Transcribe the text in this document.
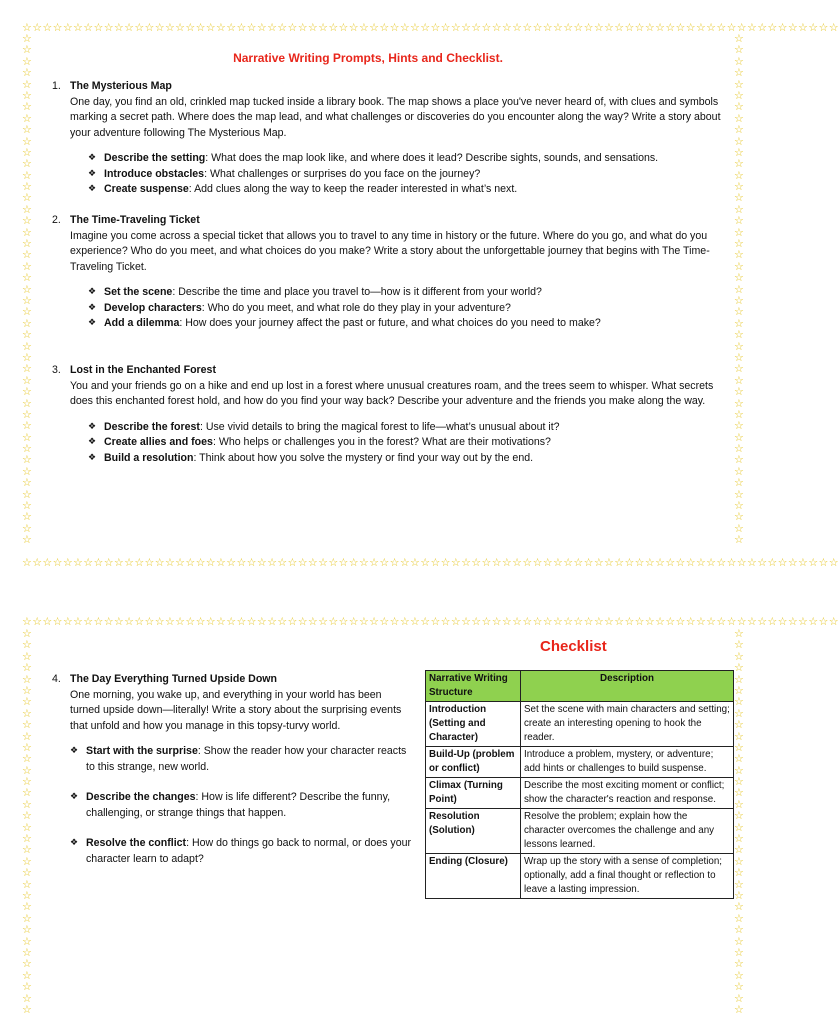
☆☆☆☆☆☆☆☆☆☆☆☆☆☆☆☆☆☆☆☆☆☆☆☆☆☆☆☆☆☆☆☆☆☆☆☆☆☆☆☆☆☆☆☆☆☆☆☆☆☆☆☆☆☆☆☆☆☆☆☆☆☆☆☆☆☆☆☆☆☆☆☆☆☆☆☆☆☆☆☆
☆☆☆☆☆☆☆☆☆☆☆☆☆☆☆☆☆☆☆☆☆☆☆☆☆☆☆☆☆☆☆☆☆☆☆☆☆☆☆☆☆☆☆☆☆☆☆☆☆☆☆☆☆☆☆☆☆☆☆☆☆☆☆☆☆☆☆☆☆☆☆☆☆☆☆☆☆☆☆☆
☆
☆
☆
☆
☆
☆
☆
☆
☆
☆
☆
☆
☆
☆
☆
☆
☆
☆
☆
☆
☆
☆
☆
☆
☆
☆
☆
☆
☆
☆
☆
☆
☆
☆
☆
☆
☆
☆
☆
☆
☆
☆
☆
☆
☆
☆
☆
☆
☆
☆
☆
☆
☆
☆
☆
☆
☆
☆
☆
☆
☆
☆
☆
☆
☆
☆
☆
☆
☆
☆
☆
☆
☆
☆
☆
☆
☆
☆
☆
☆
☆
☆
☆
☆
☆
☆
☆
☆
☆
☆
Narrative Writing Prompts, Hints and Checklist.
1. The Mysterious Map
One day, you find an old, crinkled map tucked inside a library book. The map shows a place you've never heard of, with clues and symbols marking a secret path. Where does the map lead, and what challenges or discoveries do you encounter along the way? Write a story about your adventure following The Mysterious Map.
❖ Describe the setting: What does the map look like, and where does it lead? Describe sights, sounds, and sensations.
❖ Introduce obstacles: What challenges or surprises do you face on the journey?
❖ Create suspense: Add clues along the way to keep the reader interested in what’s next.
2. The Time-Traveling Ticket
Imagine you come across a special ticket that allows you to travel to any time in history or the future. Where do you go, and what do you experience? Who do you meet, and what choices do you make? Write a story about the unforgettable journey that begins with The Time-Traveling Ticket.
❖ Set the scene: Describe the time and place you travel to—how is it different from your world?
❖ Develop characters: Who do you meet, and what role do they play in your adventure?
❖ Add a dilemma: How does your journey affect the past or future, and what choices do you need to make?
3. Lost in the Enchanted Forest
You and your friends go on a hike and end up lost in a forest where unusual creatures roam, and the trees seem to whisper. What secrets does this enchanted forest hold, and how do you find your way back? Describe your adventure and the friends you make along the way.
❖ Describe the forest: Use vivid details to bring the magical forest to life—what’s unusual about it?
❖ Create allies and foes: Who helps or challenges you in the forest? What are their motivations?
❖ Build a resolution: Think about how you solve the mystery or find your way out by the end.
☆☆☆☆☆☆☆☆☆☆☆☆☆☆☆☆☆☆☆☆☆☆☆☆☆☆☆☆☆☆☆☆☆☆☆☆☆☆☆☆☆☆☆☆☆☆☆☆☆☆☆☆☆☆☆☆☆☆☆☆☆☆☆☆☆☆☆☆☆☆☆☆☆☆☆☆☆☆☆☆
☆
☆
☆
☆
☆
☆
☆
☆
☆
☆
☆
☆
☆
☆
☆
☆
☆
☆
☆
☆
☆
☆
☆
☆
☆
☆
☆
☆
☆
☆
☆
☆
☆
☆
☆
☆
☆
☆
☆
☆
☆
☆
☆
☆
☆
☆
☆
☆
☆
☆
☆
☆
☆
☆
☆
☆
☆
☆
☆
☆
☆
☆
☆
☆
☆
☆
☆
☆
Checklist
4. The Day Everything Turned Upside Down
One morning, you wake up, and everything in your world has been turned upside down—literally! Write a story about the surprising events that unfold and how you manage in this topsy-turvy world.
❖ Start with the surprise: Show the reader how your character reacts to this strange, new world.
❖ Describe the changes: How is life different? Describe the funny, challenging, or strange things that happen.
❖ Resolve the conflict: How do things go back to normal, or does your character learn to adapt?
Narrative Writing Structure	Description
Introduction (Setting and Character)	Set the scene with main characters and setting; create an interesting opening to hook the reader.
Build-Up (problem or conflict)	Introduce a problem, mystery, or adventure; add hints or challenges to build suspense.
Climax (Turning Point)	Describe the most exciting moment or conflict; show the character's reaction and response.
Resolution (Solution)	Resolve the problem; explain how the character overcomes the challenge and any lessons learned.
Ending (Closure)	Wrap up the story with a sense of completion; optionally, add a final thought or reflection to leave a lasting impression.
